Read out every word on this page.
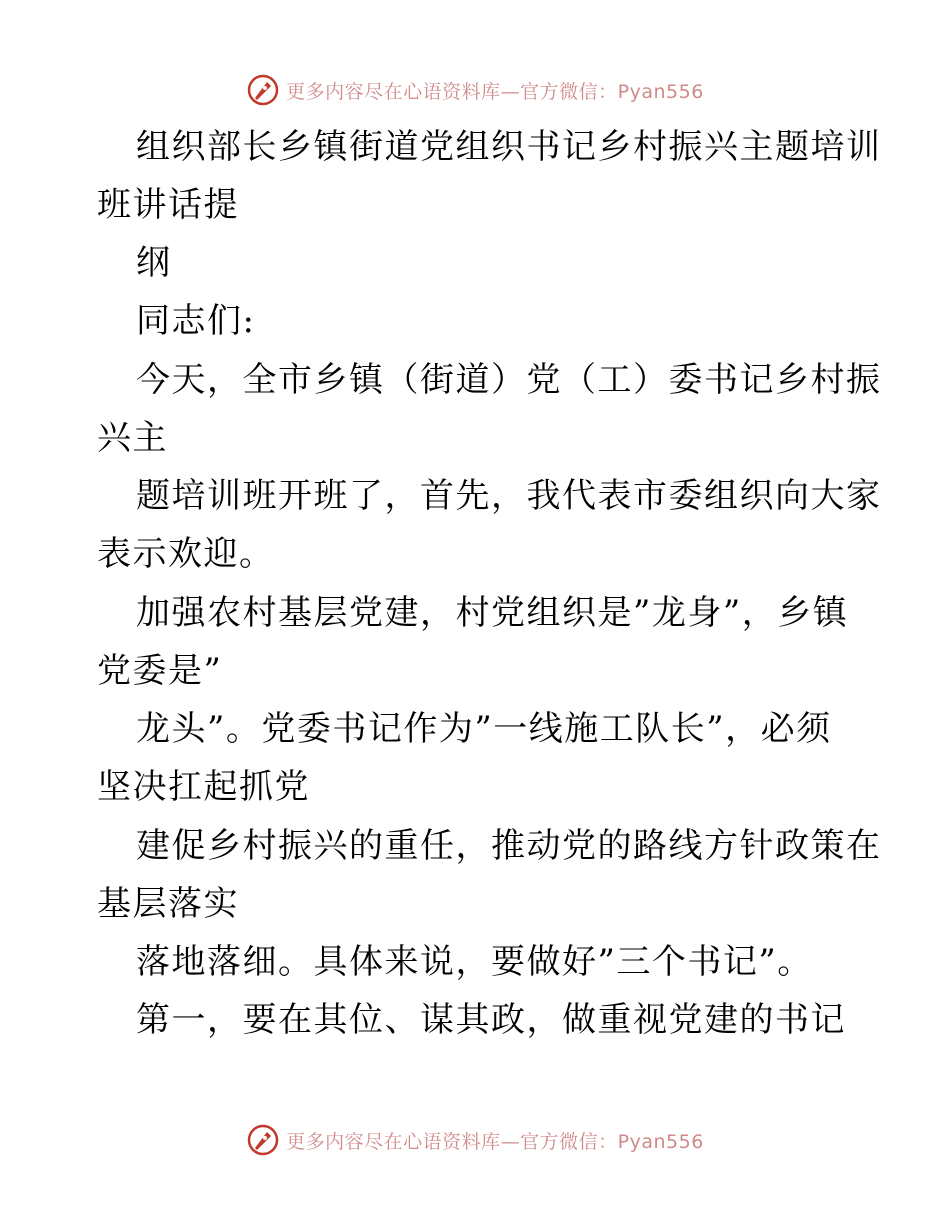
更多内容尽在心语资料库—官方微信：Pyan556
组织部长乡镇街道党组织书记乡村振兴主题培训
班讲话提
纲
同志们:
今天，全市乡镇（街道）党（工）委书记乡村振
兴主
题培训班开班了，首先，我代表市委组织向大家
表示欢迎。
加强农村基层党建，村党组织是”龙身”，乡镇
党委是”
龙头”。党委书记作为”一线施工队长”，必须
坚决扛起抓党
建促乡村振兴的重任，推动党的路线方针政策在
基层落实
落地落细。具体来说，要做好”三个书记”。
第一，要在其位、谋其政，做重视党建的书记
更多内容尽在心语资料库—官方微信：Pyan556
